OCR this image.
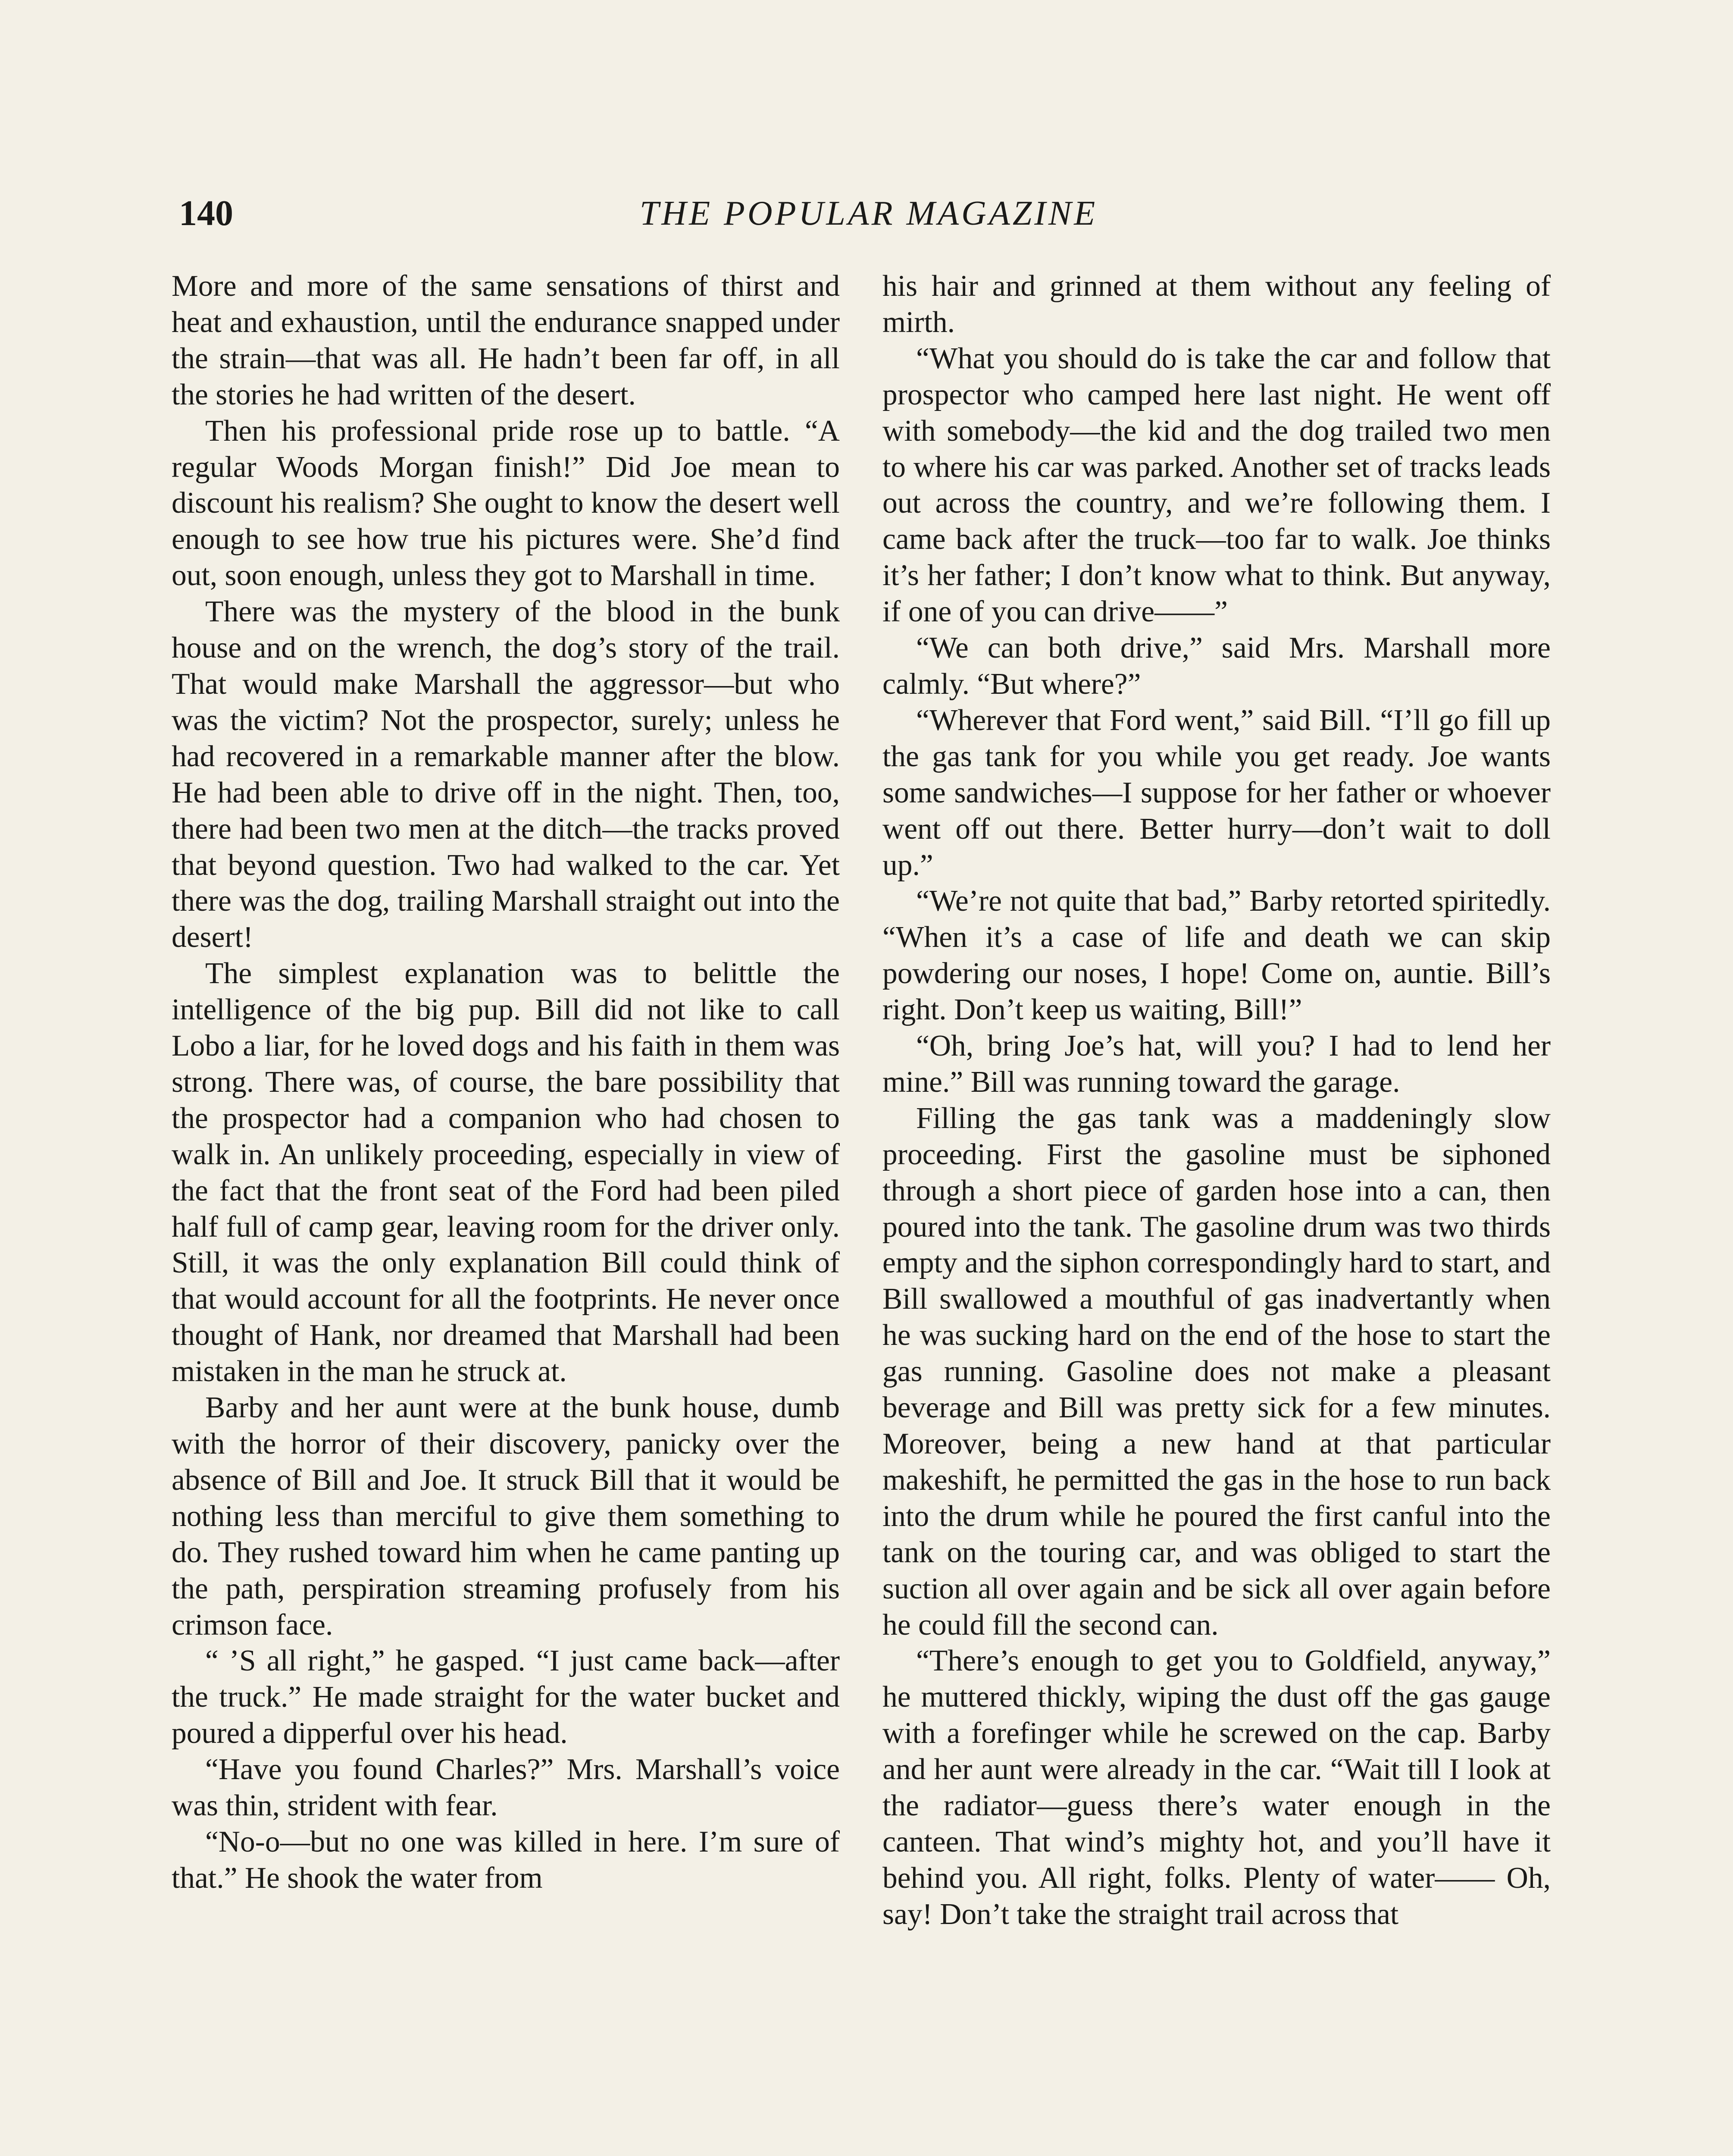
140	THE POPULAR MAGAZINE

More and more of the same sensations of thirst and heat and exhaustion, until the endurance snapped under the strain—that was all. He hadn’t been far off, in all the stories he had written of the desert.

Then his professional pride rose up to battle. “A regular Woods Morgan finish!” Did Joe mean to discount his realism? She ought to know the desert well enough to see how true his pictures were. She’d find out, soon enough, unless they got to Marshall in time.

There was the mystery of the blood in the bunk house and on the wrench, the dog’s story of the trail. That would make Marshall the aggressor—but who was the victim? Not the prospector, surely; unless he had recovered in a remarkable manner after the blow. He had been able to drive off in the night. Then, too, there had been two men at the ditch—the tracks proved that beyond question. Two had walked to the car. Yet there was the dog, trailing Marshall straight out into the desert!

The simplest explanation was to belittle the intelligence of the big pup. Bill did not like to call Lobo a liar, for he loved dogs and his faith in them was strong. There was, of course, the bare possibility that the prospector had a companion who had chosen to walk in. An unlikely proceeding, especially in view of the fact that the front seat of the Ford had been piled half full of camp gear, leaving room for the driver only. Still, it was the only explanation Bill could think of that would account for all the footprints. He never once thought of Hank, nor dreamed that Marshall had been mistaken in the man he struck at.

Barby and her aunt were at the bunk house, dumb with the horror of their discovery, panicky over the absence of Bill and Joe. It struck Bill that it would be nothing less than merciful to give them something to do. They rushed toward him when he came panting up the path, perspiration streaming profusely from his crimson face.

“ ’S all right,” he gasped. “I just came back—after the truck.” He made straight for the water bucket and poured a dipperful over his head.

“Have you found Charles?” Mrs. Marshall’s voice was thin, strident with fear.

“No-o—but no one was killed in here. I’m sure of that.” He shook the water from

his hair and grinned at them without any feeling of mirth.

“What you should do is take the car and follow that prospector who camped here last night. He went off with somebody—the kid and the dog trailed two men to where his car was parked. Another set of tracks leads out across the country, and we’re following them. I came back after the truck—too far to walk. Joe thinks it’s her father; I don’t know what to think. But anyway, if one of you can drive——”

“We can both drive,” said Mrs. Marshall more calmly. “But where?”

“Wherever that Ford went,” said Bill. “I’ll go fill up the gas tank for you while you get ready. Joe wants some sandwiches—I suppose for her father or whoever went off out there. Better hurry—don’t wait to doll up.”

“We’re not quite that bad,” Barby retorted spiritedly. “When it’s a case of life and death we can skip powdering our noses, I hope! Come on, auntie. Bill’s right. Don’t keep us waiting, Bill!”

“Oh, bring Joe’s hat, will you? I had to lend her mine.” Bill was running toward the garage.

Filling the gas tank was a maddeningly slow proceeding. First the gasoline must be siphoned through a short piece of garden hose into a can, then poured into the tank. The gasoline drum was two thirds empty and the siphon correspondingly hard to start, and Bill swallowed a mouthful of gas inadvertantly when he was sucking hard on the end of the hose to start the gas running. Gasoline does not make a pleasant beverage and Bill was pretty sick for a few minutes. Moreover, being a new hand at that particular makeshift, he permitted the gas in the hose to run back into the drum while he poured the first canful into the tank on the touring car, and was obliged to start the suction all over again and be sick all over again before he could fill the second can.

“There’s enough to get you to Goldfield, anyway,” he muttered thickly, wiping the dust off the gas gauge with a forefinger while he screwed on the cap. Barby and her aunt were already in the car. “Wait till I look at the radiator—guess there’s water enough in the canteen. That wind’s mighty hot, and you’ll have it behind you. All right, folks. Plenty of water—— Oh, say! Don’t take the straight trail across that
